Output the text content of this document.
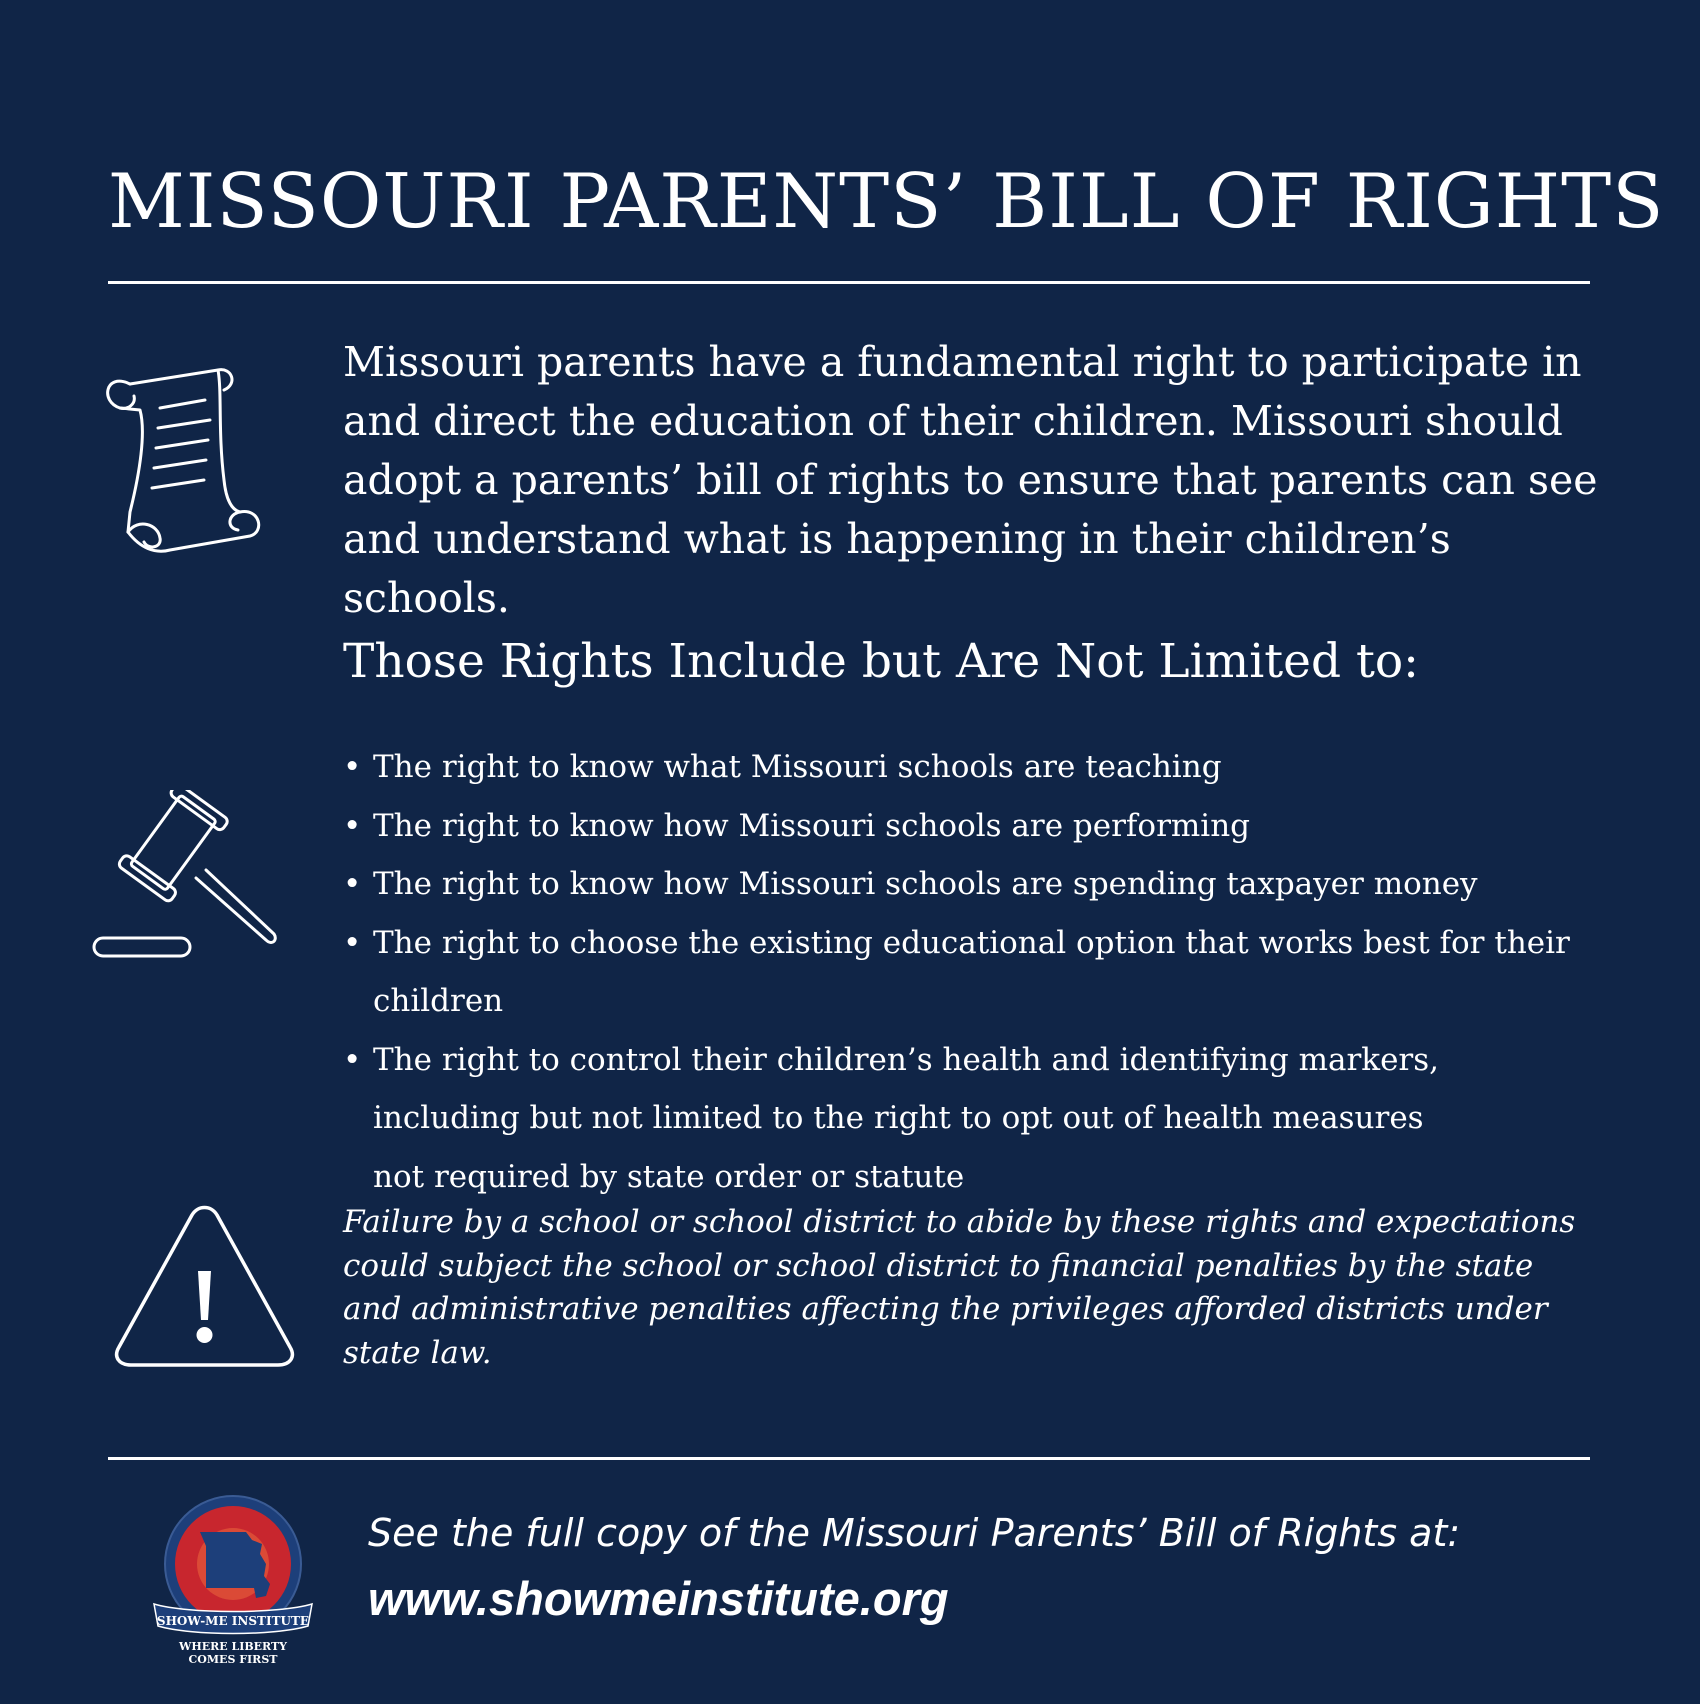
MISSOURI PARENTS’ BILL OF RIGHTS

Missouri parents have a fundamental right to participate in and direct the education of their children. Missouri should adopt a parents’ bill of rights to ensure that parents can see and understand what is happening in their children’s schools.

Those Rights Include but Are Not Limited to:
• The right to know what Missouri schools are teaching
• The right to know how Missouri schools are performing
• The right to know how Missouri schools are spending taxpayer money
• The right to choose the existing educational option that works best for their children
• The right to control their children’s health and identifying markers, including but not limited to the right to opt out of health measures not required by state order or statute

Failure by a school or school district to abide by these rights and expectations could subject the school or school district to financial penalties by the state and administrative penalties affecting the privileges afforded districts under state law.

SHOW-ME INSTITUTE
WHERE LIBERTY
COMES FIRST

See the full copy of the Missouri Parents’ Bill of Rights at:

www.showmeinstitute.org
